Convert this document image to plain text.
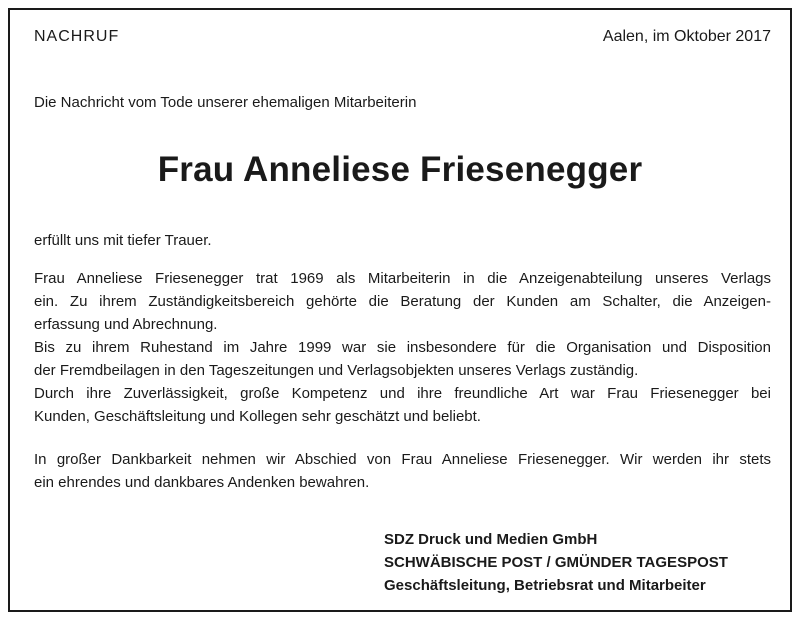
NACHRUF	Aalen, im Oktober 2017
Die Nachricht vom Tode unserer ehemaligen Mitarbeiterin
Frau Anneliese Friesenegger

erfüllt uns mit tiefer Trauer.

Frau Anneliese Friesenegger trat 1969 als Mitarbeiterin in die Anzeigenabteilung unseres Verlags
ein. Zu ihrem Zuständigkeitsbereich gehörte die Beratung der Kunden am Schalter, die Anzeigen-
erfassung und Abrechnung.
Bis zu ihrem Ruhestand im Jahre 1999 war sie insbesondere für die Organisation und Disposition
der Fremdbeilagen in den Tageszeitungen und Verlagsobjekten unseres Verlags zuständig.
Durch ihre Zuverlässigkeit, große Kompetenz und ihre freundliche Art war Frau Friesenegger bei
Kunden, Geschäftsleitung und Kollegen sehr geschätzt und beliebt.

In großer Dankbarkeit nehmen wir Abschied von Frau Anneliese Friesenegger. Wir werden ihr stets
ein ehrendes und dankbares Andenken bewahren.

SDZ Druck und Medien GmbH
SCHWÄBISCHE POST / GMÜNDER TAGESPOST
Geschäftsleitung, Betriebsrat und Mitarbeiter
